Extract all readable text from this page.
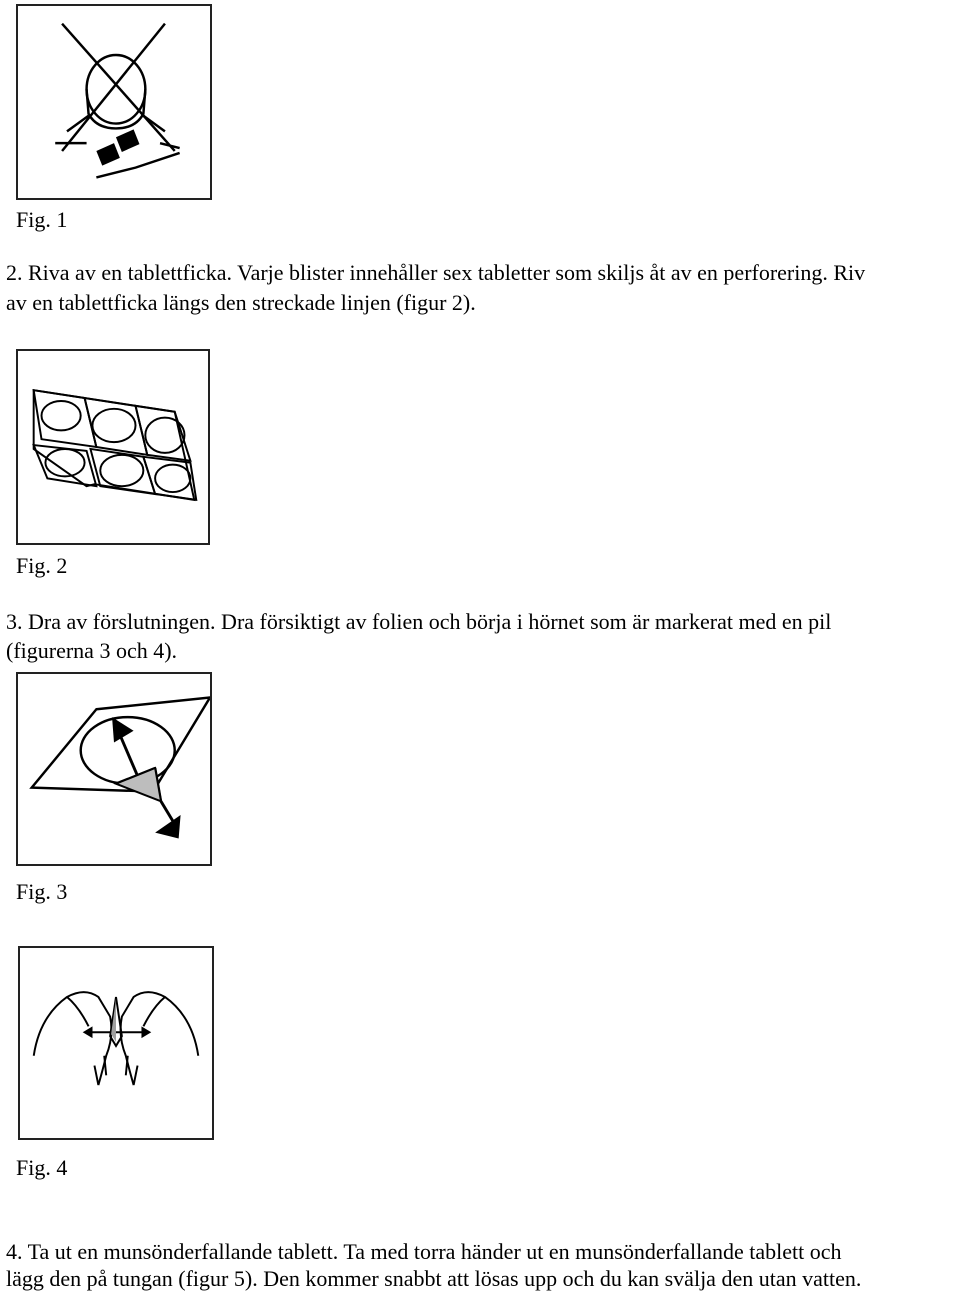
Fig. 1

2. Riva av en tablettficka. Varje blister innehåller sex tabletter som skiljs åt av en perforering. Riv

av en tablettficka längs den streckade linjen (figur 2).

Fig. 2

3. Dra av förslutningen. Dra försiktigt av folien och börja i hörnet som är markerat med en pil

(figurerna 3 och 4).

Fig. 3
Fig. 4

4. Ta ut en munsönderfallande tablett. Ta med torra händer ut en munsönderfallande tablett och

lägg den på tungan (figur 5). Den kommer snabbt att lösas upp och du kan svälja den utan vatten.
